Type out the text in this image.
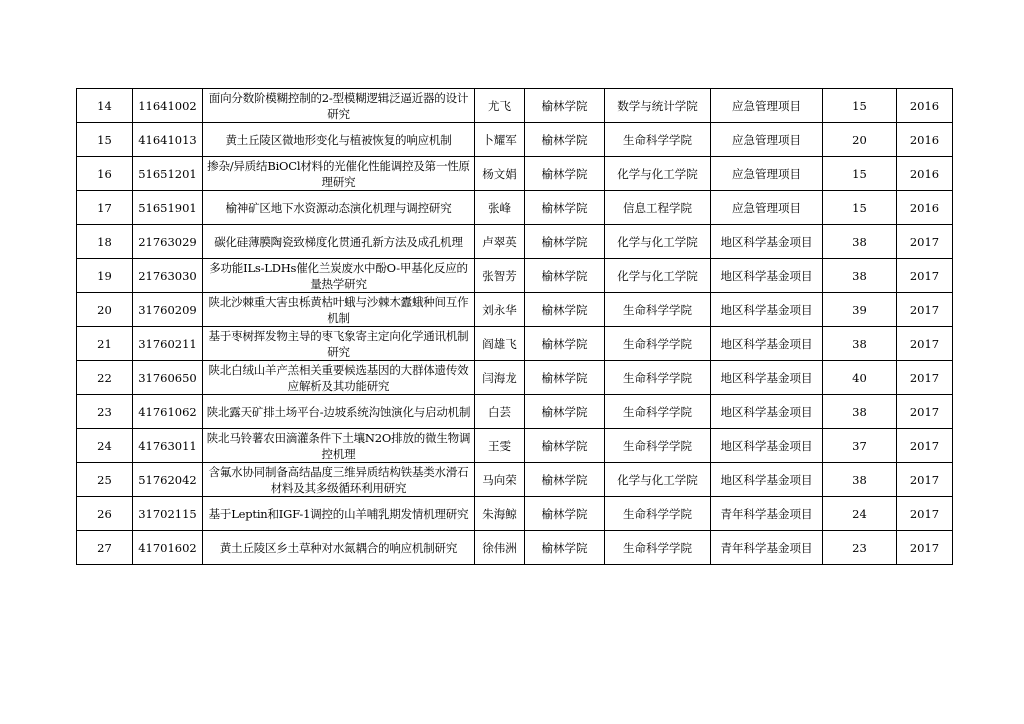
14	11641002	面向分数阶模糊控制的2-型模糊逻辑泛逼近器的设计研究	尤飞	榆林学院	数学与统计学院	应急管理项目	15	2016
15	41641013	黄土丘陵区微地形变化与植被恢复的响应机制	卜耀军	榆林学院	生命科学学院	应急管理项目	20	2016
16	51651201	掺杂/异质结BiOCl材料的光催化性能调控及第一性原理研究	杨文娟	榆林学院	化学与化工学院	应急管理项目	15	2016
17	51651901	榆神矿区地下水资源动态演化机理与调控研究	张峰	榆林学院	信息工程学院	应急管理项目	15	2016
18	21763029	碳化硅薄膜陶瓷致梯度化贯通孔新方法及成孔机理	卢翠英	榆林学院	化学与化工学院	地区科学基金项目	38	2017
19	21763030	多功能ILs-LDHs催化兰炭废水中酚O-甲基化反应的量热学研究	张智芳	榆林学院	化学与化工学院	地区科学基金项目	38	2017
20	31760209	陕北沙棘重大害虫栎黄枯叶蛾与沙棘木蠹蛾种间互作机制	刘永华	榆林学院	生命科学学院	地区科学基金项目	39	2017
21	31760211	基于枣树挥发物主导的枣飞象寄主定向化学通讯机制研究	阎雄飞	榆林学院	生命科学学院	地区科学基金项目	38	2017
22	31760650	陕北白绒山羊产羔相关重要候选基因的大群体遗传效应解析及其功能研究	闫海龙	榆林学院	生命科学学院	地区科学基金项目	40	2017
23	41761062	陕北露天矿排土场平台-边坡系统沟蚀演化与启动机制	白芸	榆林学院	生命科学学院	地区科学基金项目	38	2017
24	41763011	陕北马铃薯农田滴灌条件下土壤N2O排放的微生物调控机理	王雯	榆林学院	生命科学学院	地区科学基金项目	37	2017
25	51762042	含氟水协同制备高结晶度三维异质结构铁基类水滑石材料及其多级循环利用研究	马向荣	榆林学院	化学与化工学院	地区科学基金项目	38	2017
26	31702115	基于Leptin和IGF-1调控的山羊哺乳期发情机理研究	朱海鲸	榆林学院	生命科学学院	青年科学基金项目	24	2017
27	41701602	黄土丘陵区乡土草种对水氮耦合的响应机制研究	徐伟洲	榆林学院	生命科学学院	青年科学基金项目	23	2017
